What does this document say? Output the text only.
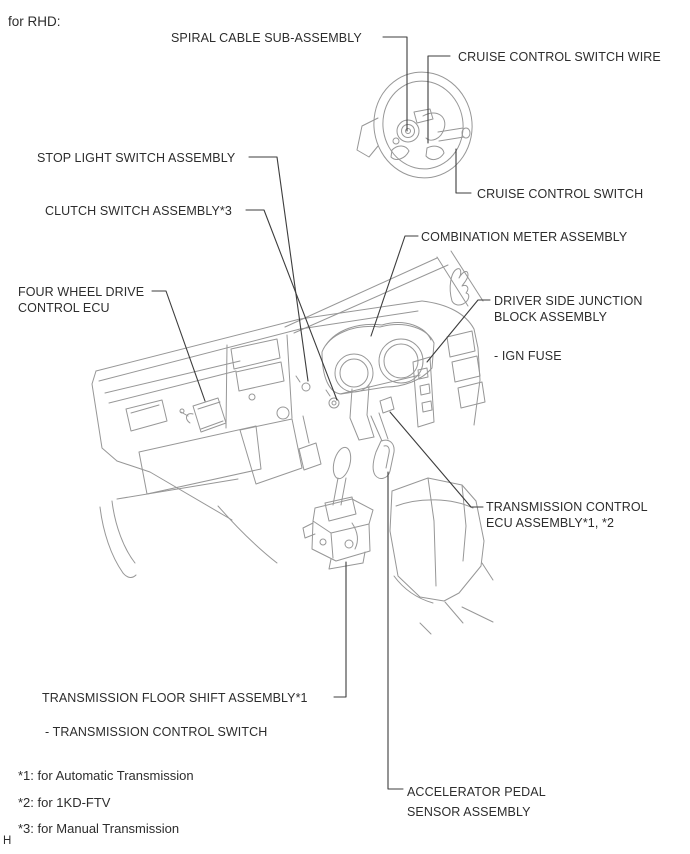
for RHD:
SPIRAL CABLE SUB-ASSEMBLY
CRUISE CONTROL SWITCH WIRE
CRUISE CONTROL SWITCH
STOP LIGHT SWITCH ASSEMBLY
CLUTCH SWITCH ASSEMBLY*3
COMBINATION METER ASSEMBLY
FOUR WHEEL DRIVE
CONTROL ECU	DRIVER SIDE JUNCTION
BLOCK ASSEMBLY
- IGN FUSE
TRANSMISSION CONTROL
ECU ASSEMBLY*1, *2
TRANSMISSION FLOOR SHIFT ASSEMBLY*1
- TRANSMISSION CONTROL SWITCH
ACCELERATOR PEDAL
SENSOR ASSEMBLY
*1: for Automatic Transmission
*2: for 1KD-FTV
*3: for Manual Transmission
H
